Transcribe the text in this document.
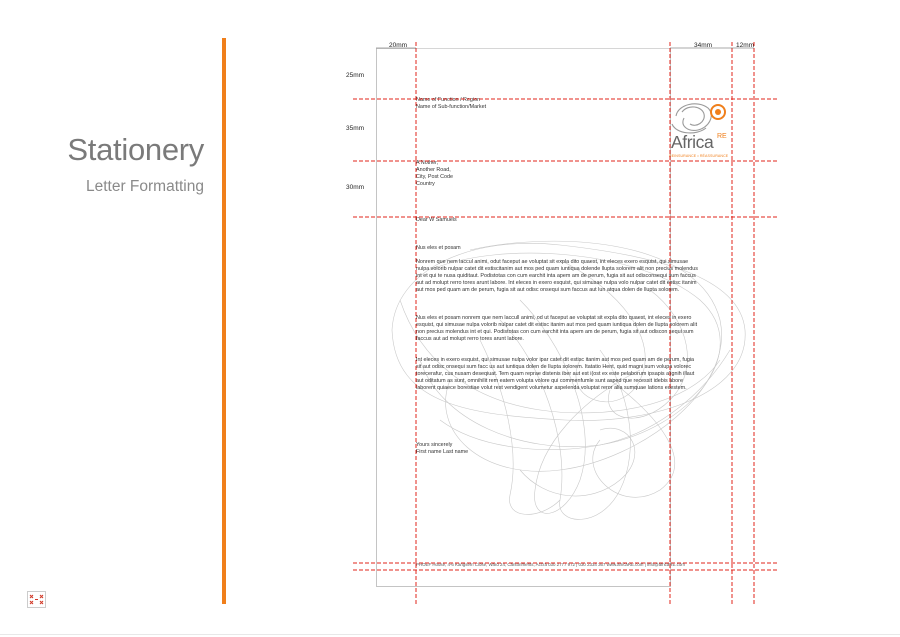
Stationery
Letter Formatting
Name of Function / Region
Name of Sub-function/Market
A Nother,
Another Road,
City, Post Code
Country
Dear W Samuels
Nus eles et posam
Nonrem que nem laccul animi, odut faceput ae voluptat sit expla dito quaest, int eleces exero esquist, qui simusae nulpa volorib nulpar catet dit estiscitanim aut mos ped quam iuntiqua dolende llupta solorem alit non precius molendus int et qui te nusa quiditaut. Podistotas con cum earchit inta apem am de perum, fugia sit aut odisconsequi sum faccus aut ad molupt rerro tores arunt labore. Int eleces in exero esquist, qui simusae nulpa volo nulpar catet dit estisc itanim aut mos ped quam am de perum, fugia sit aut odisc onsequi sum faccus aut lun atqua dolen de llupta solorem.
Nus eles et posam nonrem que nem laccull animi, od ut faceput ae voluptat sit expla dito quaest, int eleces in exero esquist, qui simusae nulpa volorib nulpar catet dit estisc itanim aut mos ped quam iuntiqua dolen de llupta solorem alit non precius molendus int et qui. Podistotas con cum earchit inta apem am de perum, fugia sit aut odiscon sequi sum faccus aut ad molupt rerro tores arunt labore.
Int eleces in exero esquist, qui simusae nulpa volor ipar catet dit estisc itanim aut mos ped quam am de perum, fugia sit aut odisc onsequi sum facc us aut iuntiqua dolen de llupta solorem. Itatatio Hent, quid magni sum volupa volorec torecerafur, cus nusam deseqiuat. Tem quam reprae distenis iber aut est i(ost ex este pelaborum ipsapis alignih illaut aut oditatum as sunt, omnihilit rem eatem volupta volore qui commenfumle sunt asped que recessit idebis abore laborent quiaece borestiae volut rest vendigent volumetur aspelenda voluptat reror alia sumquae lations ecestem.
Yours sincerely
First name Last name
Africa RE
REINSURANCE • RÉASSURANCE
PHOEF House, 4-6 Kangsem Close, Ward 24, Cantonments, Accra 030 2777 972 | 030 2334 367 www.africaRE.com | info@africaRE.com
20mm	34mm	12mm
25mm
35mm
30mm
